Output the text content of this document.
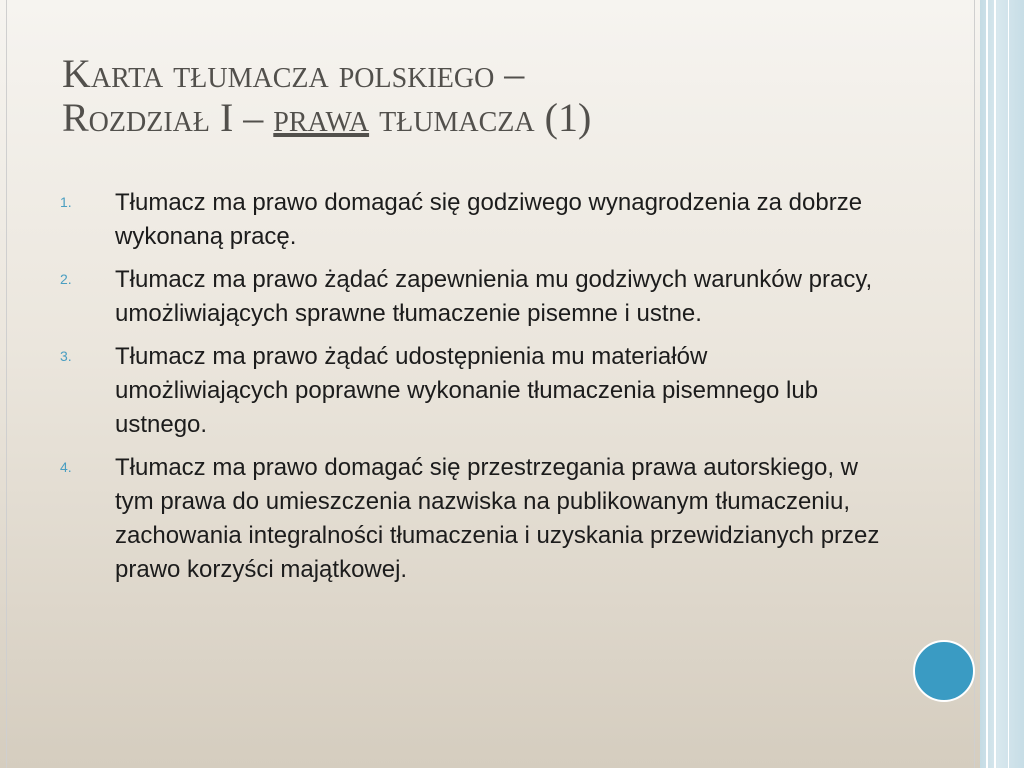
Karta tłumacza polskiego –
Rozdział I – prawa tłumacza (1)
1. Tłumacz ma prawo domagać się godziwego wynagrodzenia za dobrze wykonaną pracę.
2. Tłumacz ma prawo żądać zapewnienia mu godziwych warunków pracy, umożliwiających sprawne tłumaczenie pisemne i ustne.
3. Tłumacz ma prawo żądać udostępnienia mu materiałów umożliwiających poprawne wykonanie tłumaczenia pisemnego lub ustnego.
4. Tłumacz ma prawo domagać się przestrzegania prawa autorskiego, w tym prawa do umieszczenia nazwiska na publikowanym tłumaczeniu, zachowania integralności tłumaczenia i uzyskania przewidzianych przez prawo korzyści majątkowej.
